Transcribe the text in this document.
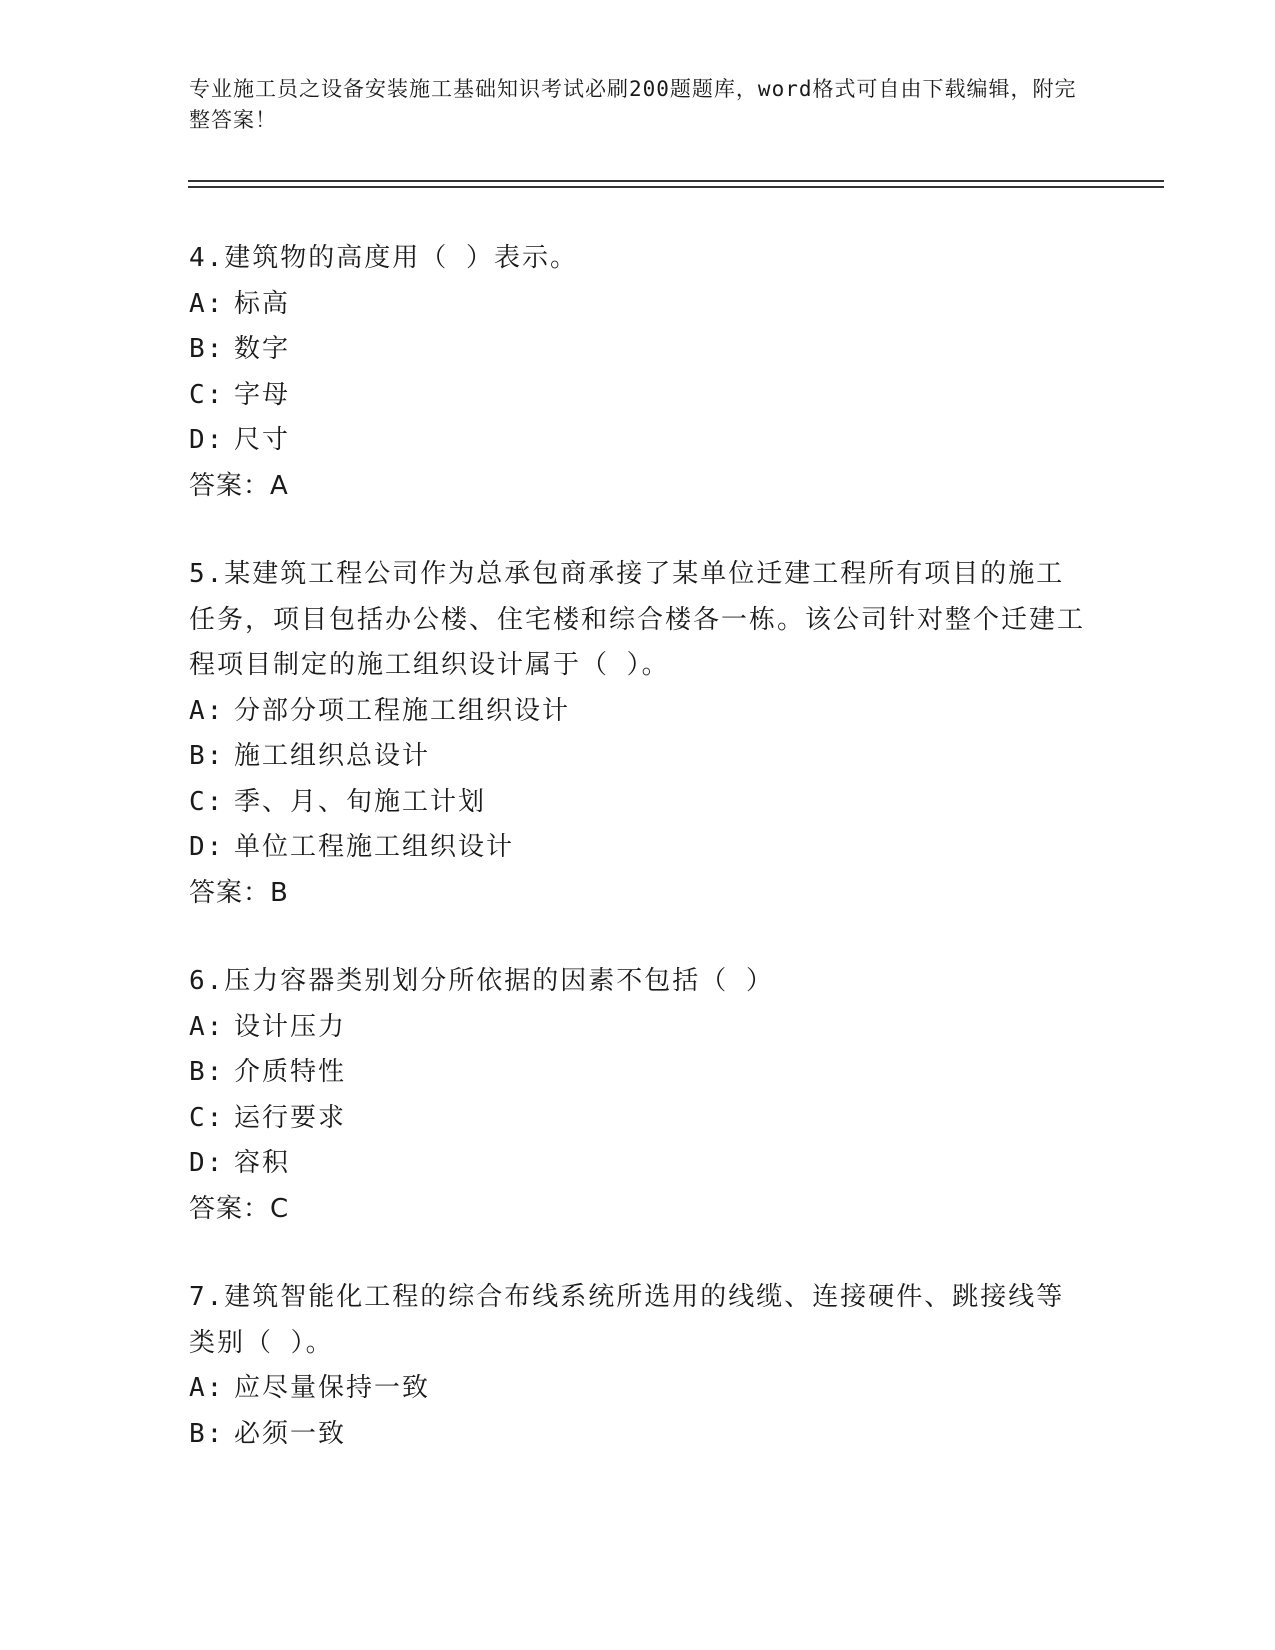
专业施工员之设备安装施工基础知识考试必刷200题题库，word格式可自由下载编辑，附完整答案！
4.建筑物的高度用（ ）表示。
A: 标高
B: 数字
C: 字母
D: 尺寸
答案：A
5.某建筑工程公司作为总承包商承接了某单位迁建工程所有项目的施工任务，项目包括办公楼、住宅楼和综合楼各一栋。该公司针对整个迁建工程项目制定的施工组织设计属于（ ）。
A: 分部分项工程施工组织设计
B: 施工组织总设计
C: 季、月、旬施工计划
D: 单位工程施工组织设计
答案：B
6.压力容器类别划分所依据的因素不包括（ ）
A: 设计压力
B: 介质特性
C: 运行要求
D: 容积
答案：C
7.建筑智能化工程的综合布线系统所选用的线缆、连接硬件、跳接线等类别（ ）。
A: 应尽量保持一致
B: 必须一致
